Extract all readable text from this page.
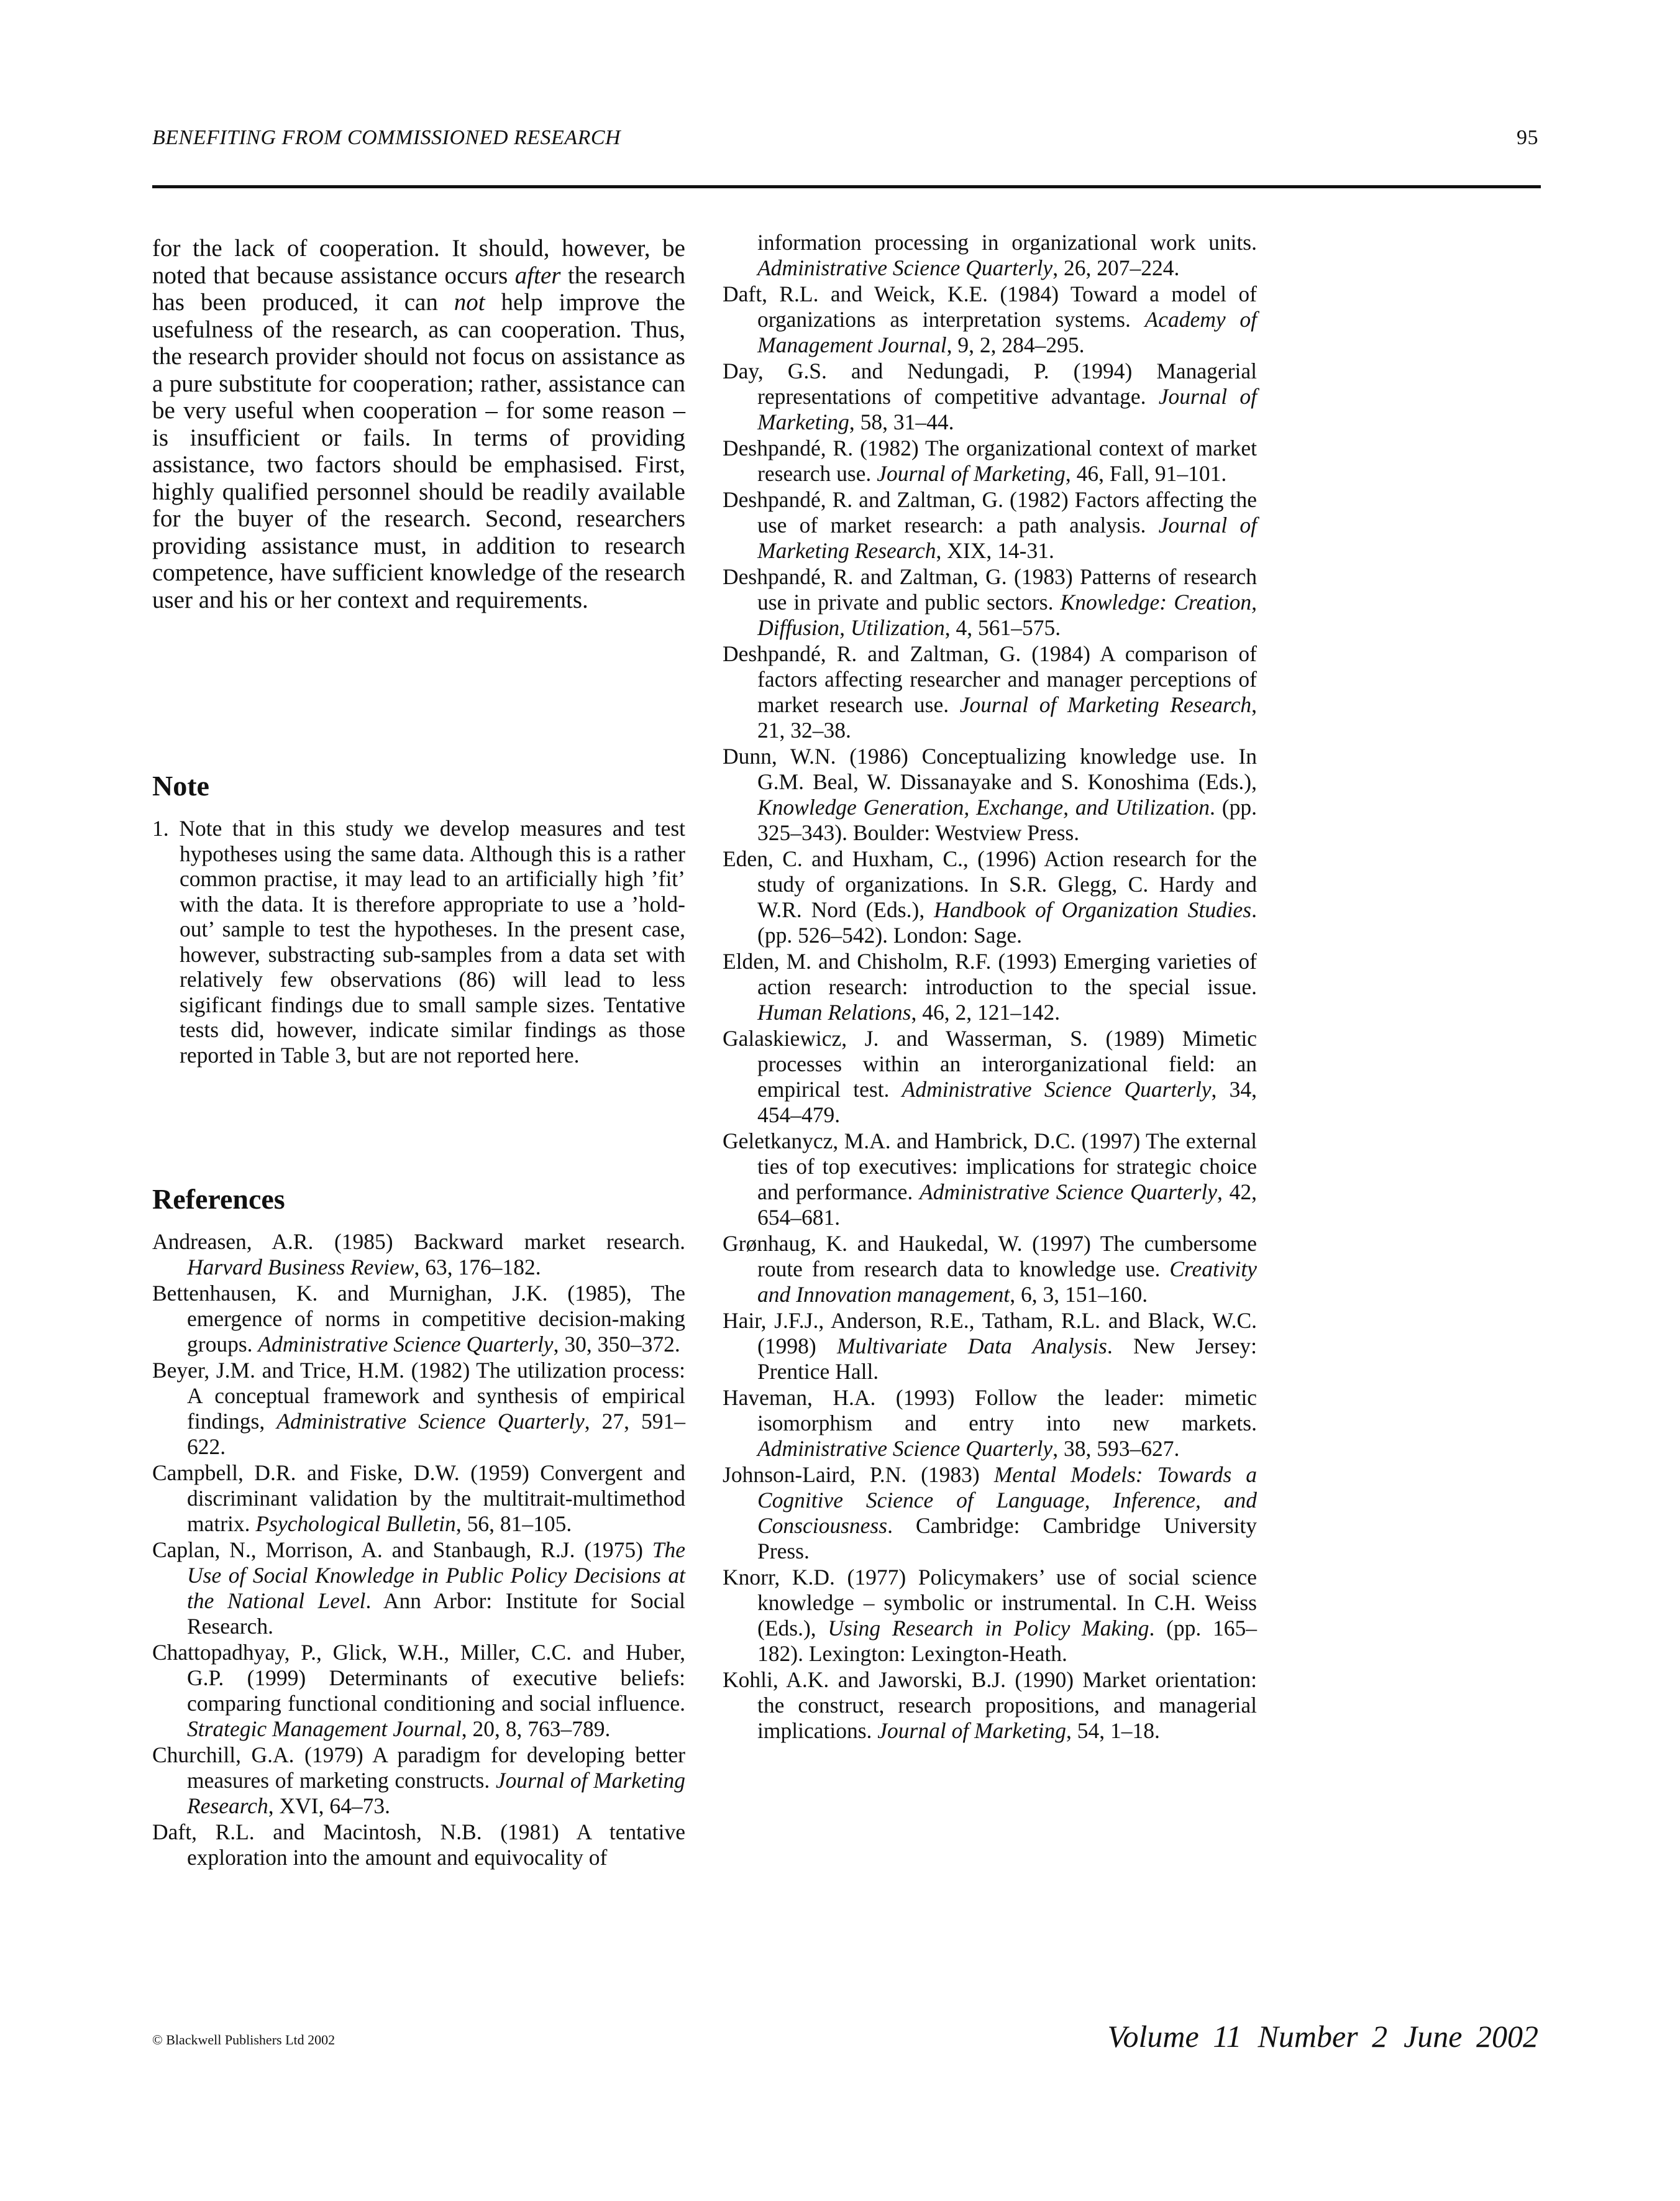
BENEFITING FROM COMMISSIONED RESEARCH	95

for the lack of cooperation. It should, however, be noted that because assistance occurs after the research has been produced, it can not help improve the usefulness of the research, as can cooperation. Thus, the research provider should not focus on assistance as a pure substitute for cooperation; rather, assistance can be very useful when cooperation – for some reason – is insufficient or fails. In terms of providing assistance, two factors should be emphasised. First, highly qualified personnel should be readily available for the buyer of the research. Second, researchers providing assistance must, in addition to research competence, have sufficient knowledge of the research user and his or her context and requirements.

Note
1. Note that in this study we develop measures and test hypotheses using the same data. Although this is a rather common practise, it may lead to an artificially high ’fit’ with the data. It is therefore appropriate to use a ’hold-out’ sample to test the hypotheses. In the present case, however, substracting sub-samples from a data set with relatively few observations (86) will lead to less sigificant findings due to small sample sizes. Tentative tests did, however, indicate similar findings as those reported in Table 3, but are not reported here.
References
Andreasen, A.R. (1985) Backward market research. Harvard Business Review, 63, 176–182.
Bettenhausen, K. and Murnighan, J.K. (1985), The emergence of norms in competitive decision-making groups. Administrative Science Quarterly, 30, 350–372.
Beyer, J.M. and Trice, H.M. (1982) The utilization process: A conceptual framework and synthesis of empirical findings, Administrative Science Quarterly, 27, 591–622.
Campbell, D.R. and Fiske, D.W. (1959) Convergent and discriminant validation by the multitrait-multimethod matrix. Psychological Bulletin, 56, 81–105.
Caplan, N., Morrison, A. and Stanbaugh, R.J. (1975) The Use of Social Knowledge in Public Policy Decisions at the National Level. Ann Arbor: Institute for Social Research.
Chattopadhyay, P., Glick, W.H., Miller, C.C. and Huber, G.P. (1999) Determinants of executive beliefs: comparing functional conditioning and social influence. Strategic Management Journal, 20, 8, 763–789.
Churchill, G.A. (1979) A paradigm for developing better measures of marketing constructs. Journal of Marketing Research, XVI, 64–73.
Daft, R.L. and Macintosh, N.B. (1981) A tentative exploration into the amount and equivocality of
information processing in organizational work units. Administrative Science Quarterly, 26, 207–224.
Daft, R.L. and Weick, K.E. (1984) Toward a model of organizations as interpretation systems. Academy of Management Journal, 9, 2, 284–295.
Day, G.S. and Nedungadi, P. (1994) Managerial representations of competitive advantage. Journal of Marketing, 58, 31–44.
Deshpandé, R. (1982) The organizational context of market research use. Journal of Marketing, 46, Fall, 91–101.
Deshpandé, R. and Zaltman, G. (1982) Factors affecting the use of market research: a path analysis. Journal of Marketing Research, XIX, 14-31.
Deshpandé, R. and Zaltman, G. (1983) Patterns of research use in private and public sectors. Knowledge: Creation, Diffusion, Utilization, 4, 561–575.
Deshpandé, R. and Zaltman, G. (1984) A comparison of factors affecting researcher and manager perceptions of market research use. Journal of Marketing Research, 21, 32–38.
Dunn, W.N. (1986) Conceptualizing knowledge use. In G.M. Beal, W. Dissanayake and S. Konoshima (Eds.), Knowledge Generation, Exchange, and Utilization. (pp. 325–343). Boulder: Westview Press.
Eden, C. and Huxham, C., (1996) Action research for the study of organizations. In S.R. Glegg, C. Hardy and W.R. Nord (Eds.), Handbook of Organization Studies. (pp. 526–542). London: Sage.
Elden, M. and Chisholm, R.F. (1993) Emerging varieties of action research: introduction to the special issue. Human Relations, 46, 2, 121–142.
Galaskiewicz, J. and Wasserman, S. (1989) Mimetic processes within an interorganizational field: an empirical test. Administrative Science Quarterly, 34, 454–479.
Geletkanycz, M.A. and Hambrick, D.C. (1997) The external ties of top executives: implications for strategic choice and performance. Administrative Science Quarterly, 42, 654–681.
Grønhaug, K. and Haukedal, W. (1997) The cumbersome route from research data to knowledge use. Creativity and Innovation management, 6, 3, 151–160.
Hair, J.F.J., Anderson, R.E., Tatham, R.L. and Black, W.C. (1998) Multivariate Data Analysis. New Jersey: Prentice Hall.
Haveman, H.A. (1993) Follow the leader: mimetic isomorphism and entry into new markets. Administrative Science Quarterly, 38, 593–627.
Johnson-Laird, P.N. (1983) Mental Models: Towards a Cognitive Science of Language, Inference, and Consciousness. Cambridge: Cambridge University Press.
Knorr, K.D. (1977) Policymakers’ use of social science knowledge – symbolic or instrumental. In C.H. Weiss (Eds.), Using Research in Policy Making. (pp. 165–182). Lexington: Lexington-Heath.
Kohli, A.K. and Jaworski, B.J. (1990) Market orientation: the construct, research propositions, and managerial implications. Journal of Marketing, 54, 1–18.
© Blackwell Publishers Ltd 2002	Volume 11 Number 2 June 2002
